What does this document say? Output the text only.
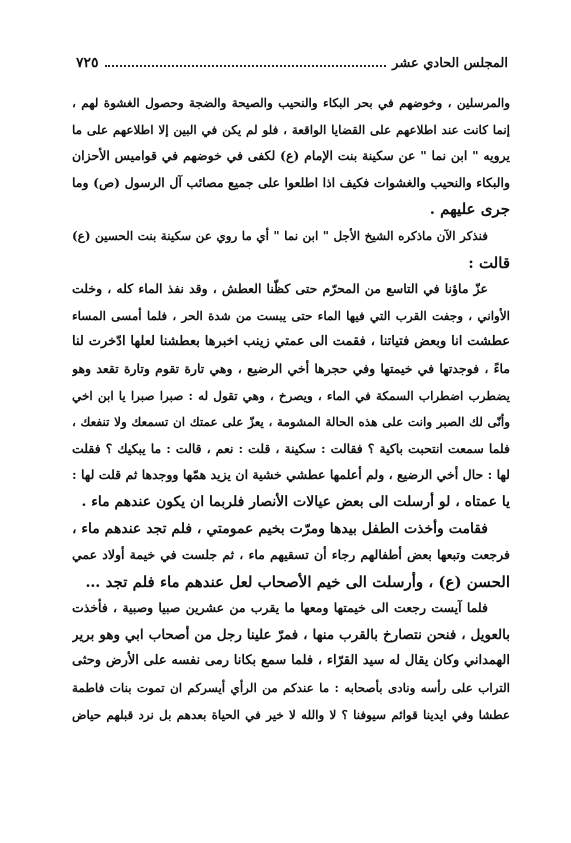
المجلس الحادي عشر
٧٢٥
والمرسلين ، وخوضهم في بحر البكاء والنحيب والصيحة والضجة وحصول الغشوة لهم ،
إنما كانت عند اطلاعهم على القضايا الواقعة ، فلو لم يكن في البين إلا اطلاعهم على ما
يرويه " ابن نما " عن سكينة بنت الإمام (ع) لكفى في خوضهم في قواميس الأحزان
والبكاء والنحيب والغشوات فكيف اذا اطلعوا على جميع مصائب آل الرسول (ص) وما
جرى عليهم .
فنذكر الآن ماذكره الشيخ الأجل " ابن نما " أي ما روي عن سكينة بنت الحسين (ع)
قالت :
عزّ ماؤنا في التاسع من المحرّم حتى كظّنا العطش ، وقد نفذ الماء كله ، وخلت
الأواني ، وجفت القرب التي فيها الماء حتى يبست من شدة الحر ، فلما أمسى المساء
عطشت انا وبعض فتياتنا ، فقمت الى عمتي زينب اخبرها بعطشنا لعلها ادّخرت لنا
ماءً ، فوجدتها في خيمتها وفي حجرها أخي الرضيع ، وهي تارة تقوم وتارة تقعد وهو
يضطرب اضطراب السمكة في الماء ، ويصرخ ، وهي تقول له : صبرا صبرا يا ابن اخي
وأنّى لك الصبر وانت على هذه الحالة المشومة ، يعزّ على عمتك ان تسمعك ولا تنفعك ،
فلما سمعت انتحبت باكية ؟ فقالت : سكينة ، قلت : نعم ، قالت : ما يبكيك ؟ فقلت
لها : حال أخي الرضيع ، ولم أعلمها عطشي خشية ان يزيد همّها ووجدها ثم قلت لها :
يا عمتاه ، لو أرسلت الى بعض عيالات الأنصار فلربما ان يكون عندهم ماء .
فقامت وأخذت الطفل بيدها ومرّت بخيم عمومتي ، فلم تجد عندهم ماء ،
فرجعت وتبعها بعض أطفالهم رجاء أن تسقيهم ماء ، ثم جلست في خيمة أولاد عمي
الحسن (ع) ، وأرسلت الى خيم الأصحاب لعل عندهم ماء فلم تجد …
فلما آيست رجعت الى خيمتها ومعها ما يقرب من عشرين صبيا وصبية ، فأخذت
بالعويل ، فنحن نتصارخ بالقرب منها ، فمرّ علينا رجل من أصحاب ابي وهو برير
الهمداني وكان يقال له سيد القرّاء ، فلما سمع بكانا رمى نفسه على الأرض وحثى
التراب على رأسه ونادى بأصحابه : ما عندكم من الرأي أيسركم ان تموت بنات فاطمة
عطشا وفي ايدينا قوائم سيوفنا ؟ لا والله لا خير في الحياة بعدهم بل نرد قبلهم حياض
